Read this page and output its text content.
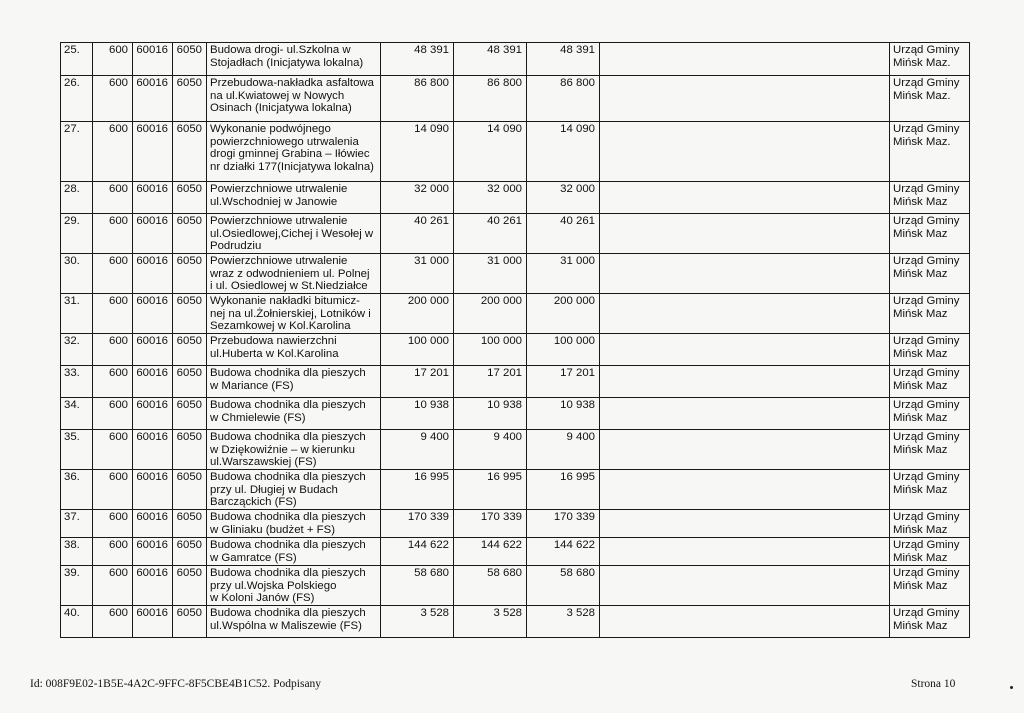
25.	600	60016	6050	Budowa drogi- ul.Szkolna w
Stojadłach (Inicjatywa lokalna)	48 391	48 391	48 391		Urząd Gminy
Mińsk Maz.
26.	600	60016	6050	Przebudowa-nakładka asfaltowa
na ul.Kwiatowej w Nowych
Osinach (Inicjatywa lokalna)	86 800	86 800	86 800		Urząd Gminy
Mińsk Maz.
27.	600	60016	6050	Wykonanie podwójnego
powierzchniowego utrwalenia
drogi gminnej Grabina – Iłówiec
nr działki 177(Inicjatywa lokalna)	14 090	14 090	14 090		Urząd Gminy
Mińsk Maz.
28.	600	60016	6050	Powierzchniowe utrwalenie
ul.Wschodniej w Janowie	32 000	32 000	32 000		Urząd Gminy
Mińsk Maz
29.	600	60016	6050	Powierzchniowe utrwalenie
ul.Osiedlowej,Cichej i Wesołej w
Podrudziu	40 261	40 261	40 261		Urząd Gminy
Mińsk Maz
30.	600	60016	6050	Powierzchniowe utrwalenie
wraz z odwodnieniem ul. Polnej
i ul. Osiedlowej w St.Niedziałce	31 000	31 000	31 000		Urząd Gminy
Mińsk Maz
31.	600	60016	6050	Wykonanie nakładki bitumicz-
nej na ul.Żołnierskiej, Lotników i
Sezamkowej w Kol.Karolina	200 000	200 000	200 000		Urząd Gminy
Mińsk Maz
32.	600	60016	6050	Przebudowa nawierzchni
ul.Huberta w Kol.Karolina	100 000	100 000	100 000		Urząd Gminy
Mińsk Maz
33.	600	60016	6050	Budowa chodnika dla pieszych
w Mariance (FS)	17 201	17 201	17 201		Urząd Gminy
Mińsk Maz
34.	600	60016	6050	Budowa chodnika dla pieszych
w Chmielewie (FS)	10 938	10 938	10 938		Urząd Gminy
Mińsk Maz
35.	600	60016	6050	Budowa chodnika dla pieszych
w Dziękowiźnie – w kierunku
ul.Warszawskiej (FS)	9 400	9 400	9 400		Urząd Gminy
Mińsk Maz
36.	600	60016	6050	Budowa chodnika dla pieszych
przy ul. Długiej w Budach
Barcząckich (FS)	16 995	16 995	16 995		Urząd Gminy
Mińsk Maz
37.	600	60016	6050	Budowa chodnika dla pieszych
w Gliniaku (budżet + FS)	170 339	170 339	170 339		Urząd Gminy
Mińsk Maz
38.	600	60016	6050	Budowa chodnika dla pieszych
w Gamratce (FS)	144 622	144 622	144 622		Urząd Gminy
Mińsk Maz
39.	600	60016	6050	Budowa chodnika dla pieszych
przy ul.Wojska Polskiego
w Koloni Janów (FS)	58 680	58 680	58 680		Urząd Gminy
Mińsk Maz
40.	600	60016	6050	Budowa chodnika dla pieszych
ul.Wspólna w Maliszewie (FS)	3 528	3 528	3 528		Urząd Gminy
Mińsk Maz
Id: 008F9E02-1B5E-4A2C-9FFC-8F5CBE4B1C52. Podpisany	Strona 10
